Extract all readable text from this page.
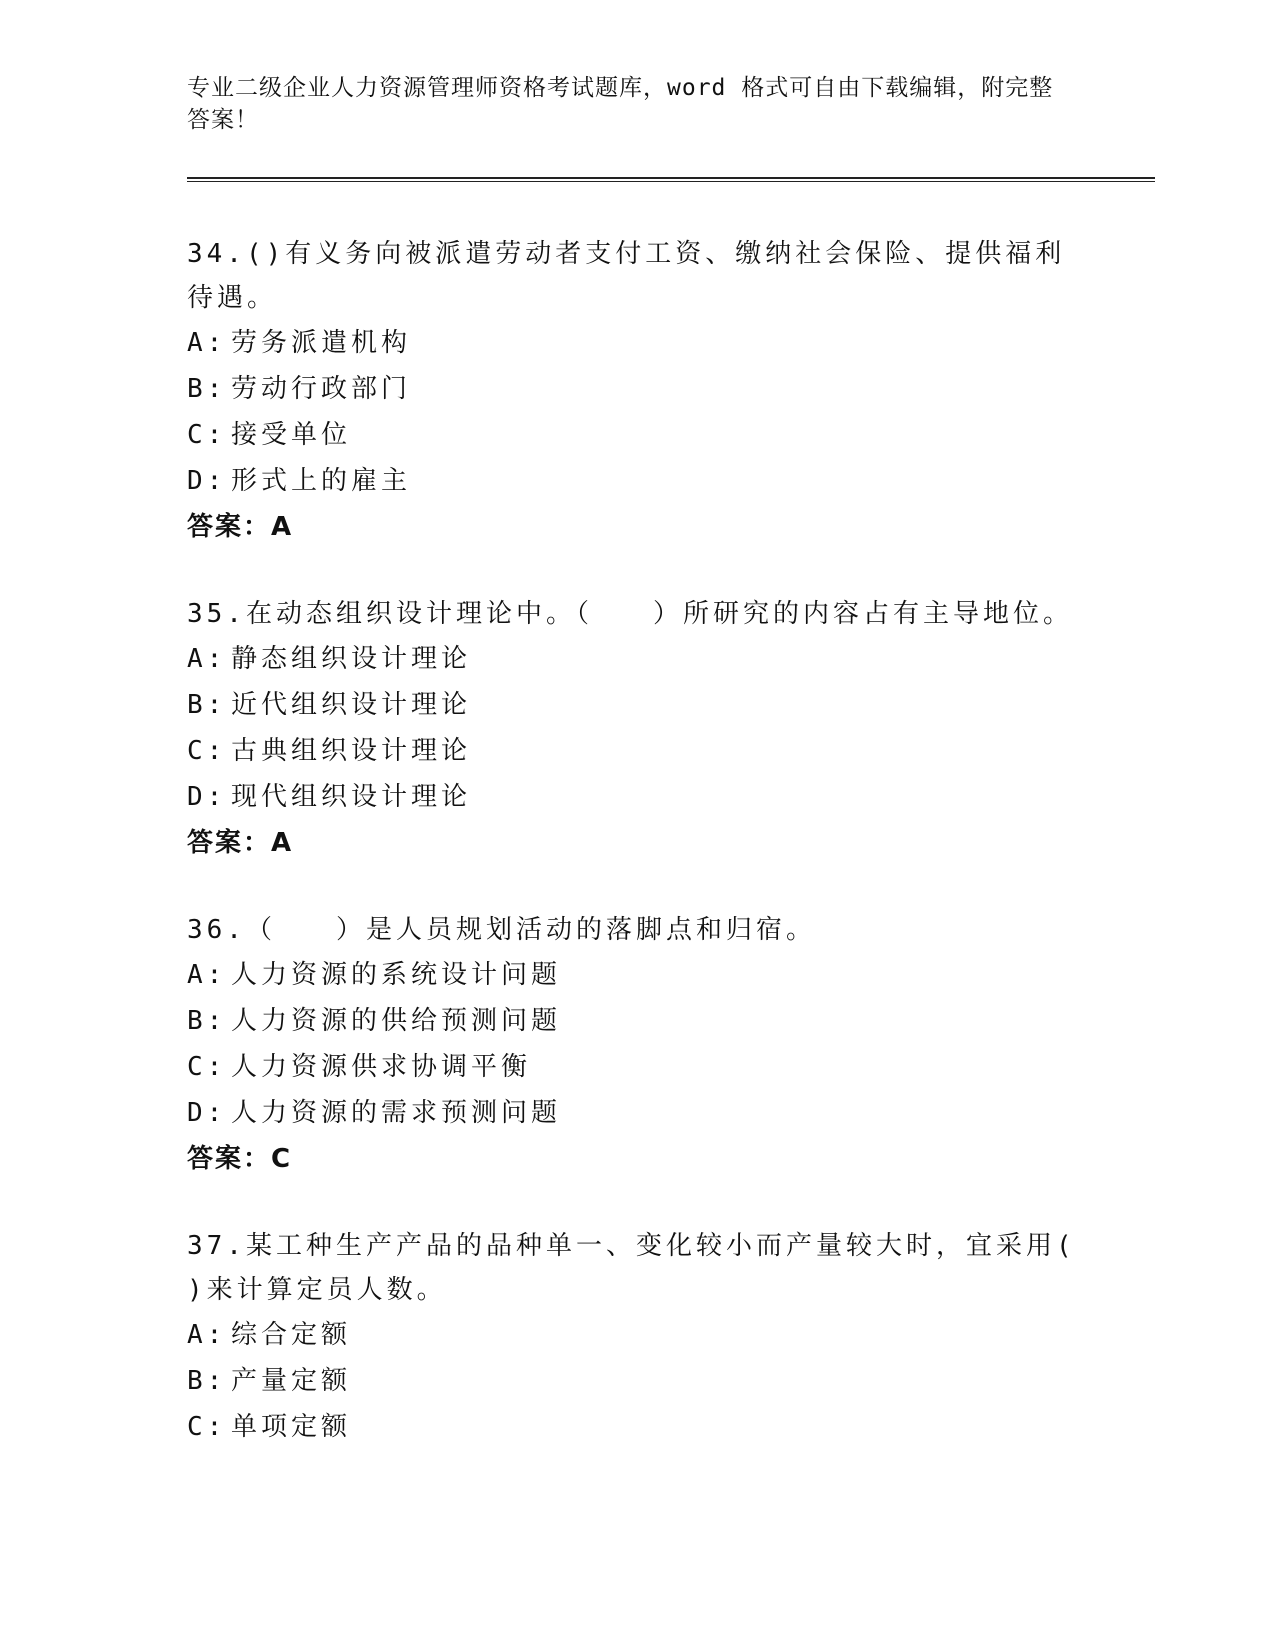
专业二级企业人力资源管理师资格考试题库，word 格式可自由下载编辑，附完整答案！

34.()有义务向被派遣劳动者支付工资、缴纳社会保险、提供福利待遇。

A: 劳务派遣机构
B: 劳动行政部门
C: 接受单位
D: 形式上的雇主

答案：A

35.在动态组织设计理论中。（　　）所研究的内容占有主导地位。

A: 静态组织设计理论
B: 近代组织设计理论
C: 古典组织设计理论
D: 现代组织设计理论

答案：A

36.（　　）是人员规划活动的落脚点和归宿。

A: 人力资源的系统设计问题
B: 人力资源的供给预测问题
C: 人力资源供求协调平衡
D: 人力资源的需求预测问题

答案：C

37.某工种生产产品的品种单一、变化较小而产量较大时，宜采用( )来计算定员人数。

A: 综合定额
B: 产量定额
C: 单项定额
